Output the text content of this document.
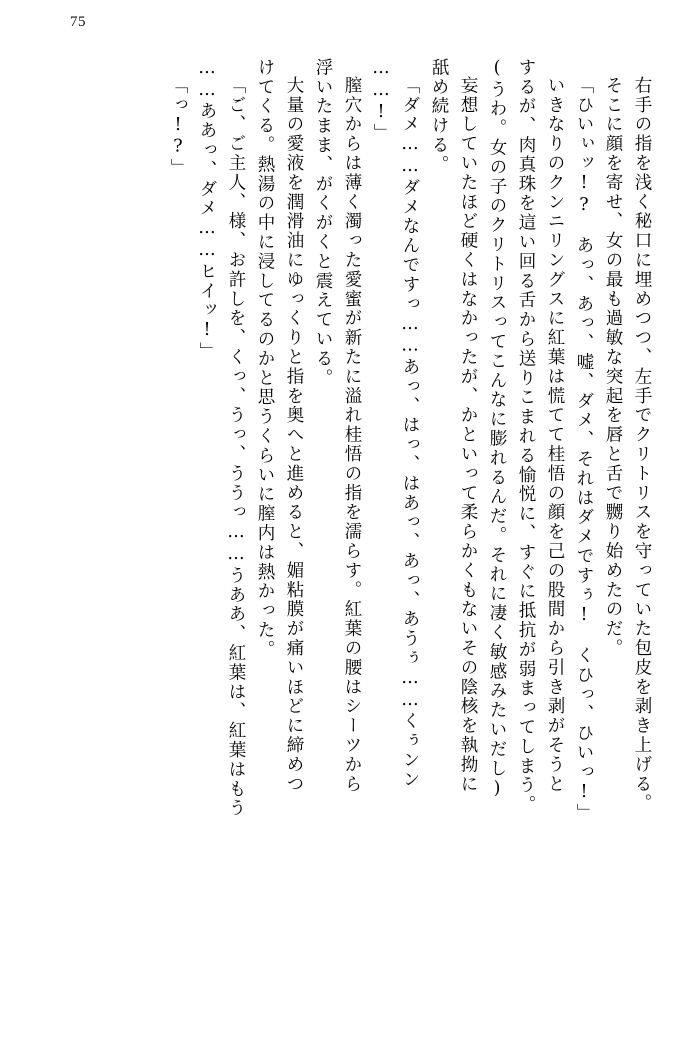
75
右手の指を浅く秘口に埋めつつ、左手でクリトリスを守っていた包皮を剥き上げる。
そこに顔を寄せ、女の最も過敏な突起を唇と舌で嬲り始めたのだ。
「ひいぃッ!?　あっ、あっ、嘘、ダメ、それはダメですぅ!　くひっ、ひいっ!」
いきなりのクンニリングスに紅葉は慌てて桂悟の顔を己の股間から引き剥がそうと
するが、肉真珠を這い回る舌から送りこまれる愉悦に、すぐに抵抗が弱まってしまう。
(うわ。女の子のクリトリスってこんなに膨れるんだ。それに凄く敏感みたいだし)
妄想していたほど硬くはなかったが、かといって柔らかくもないその陰核を執拗に
舐め続ける。
「ダメ……ダメなんですっ……あっ、はっ、はあっ、あっ、あうぅ……くぅンン
……!」
膣穴からは薄く濁った愛蜜が新たに溢れ桂悟の指を濡らす。紅葉の腰はシーツから
浮いたまま、がくがくと震えている。
大量の愛液を潤滑油にゆっくりと指を奥へと進めると、媚粘膜が痛いほどに締めつ
けてくる。熱湯の中に浸してるのかと思うくらいに膣内は熱かった。
「ご、ご主人、様、お許しを、くっ、うっ、ううっ……うああ、紅葉は、紅葉はもう
……ああっ、ダメ……ヒイッ!」
「っ!?」
